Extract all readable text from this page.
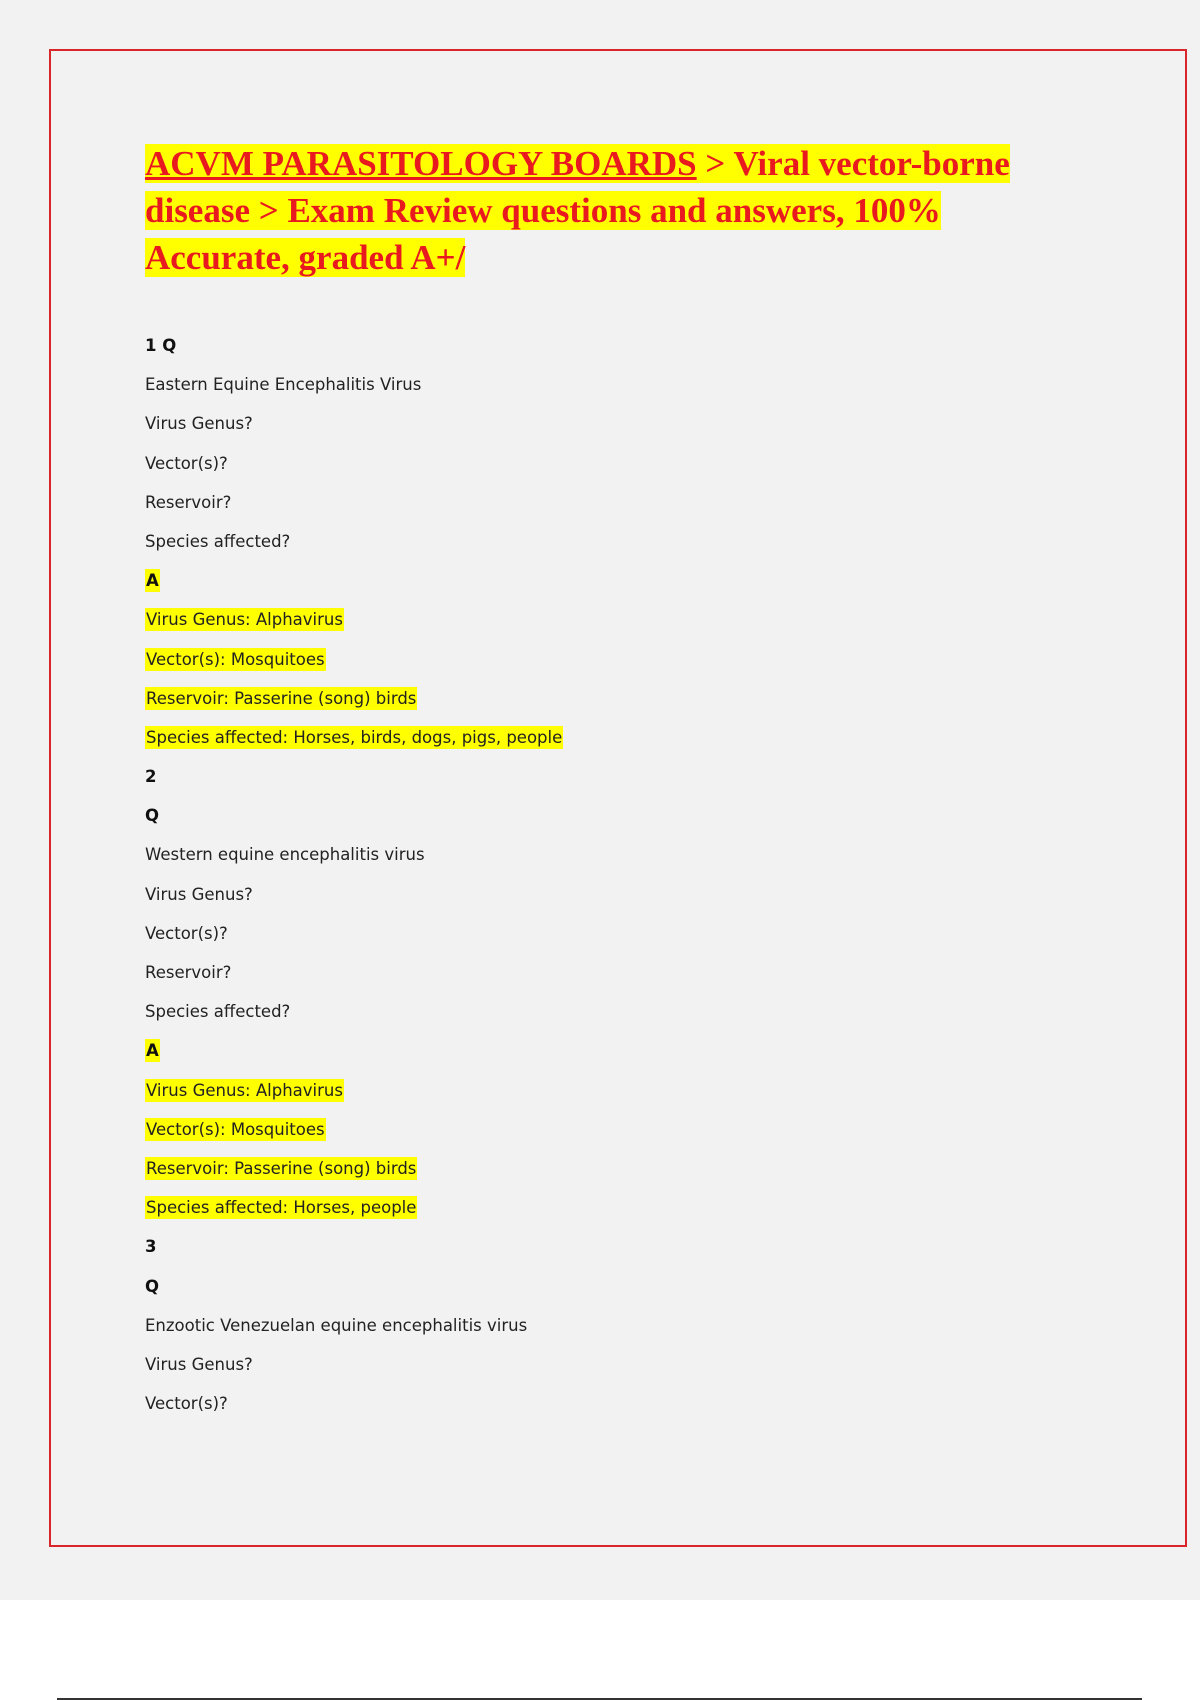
ACVM PARASITOLOGY BOARDS > Viral vector-borne disease > Exam Review questions and answers, 100% Accurate, graded A+/
1 Q
Eastern Equine Encephalitis Virus
Virus Genus?
Vector(s)?
Reservoir?
Species affected?
A
Virus Genus: Alphavirus
Vector(s): Mosquitoes
Reservoir: Passerine (song) birds
Species affected: Horses, birds, dogs, pigs, people
2
Q
Western equine encephalitis virus
Virus Genus?
Vector(s)?
Reservoir?
Species affected?
A
Virus Genus: Alphavirus
Vector(s): Mosquitoes
Reservoir: Passerine (song) birds
Species affected: Horses, people
3
Q
Enzootic Venezuelan equine encephalitis virus
Virus Genus?
Vector(s)?
